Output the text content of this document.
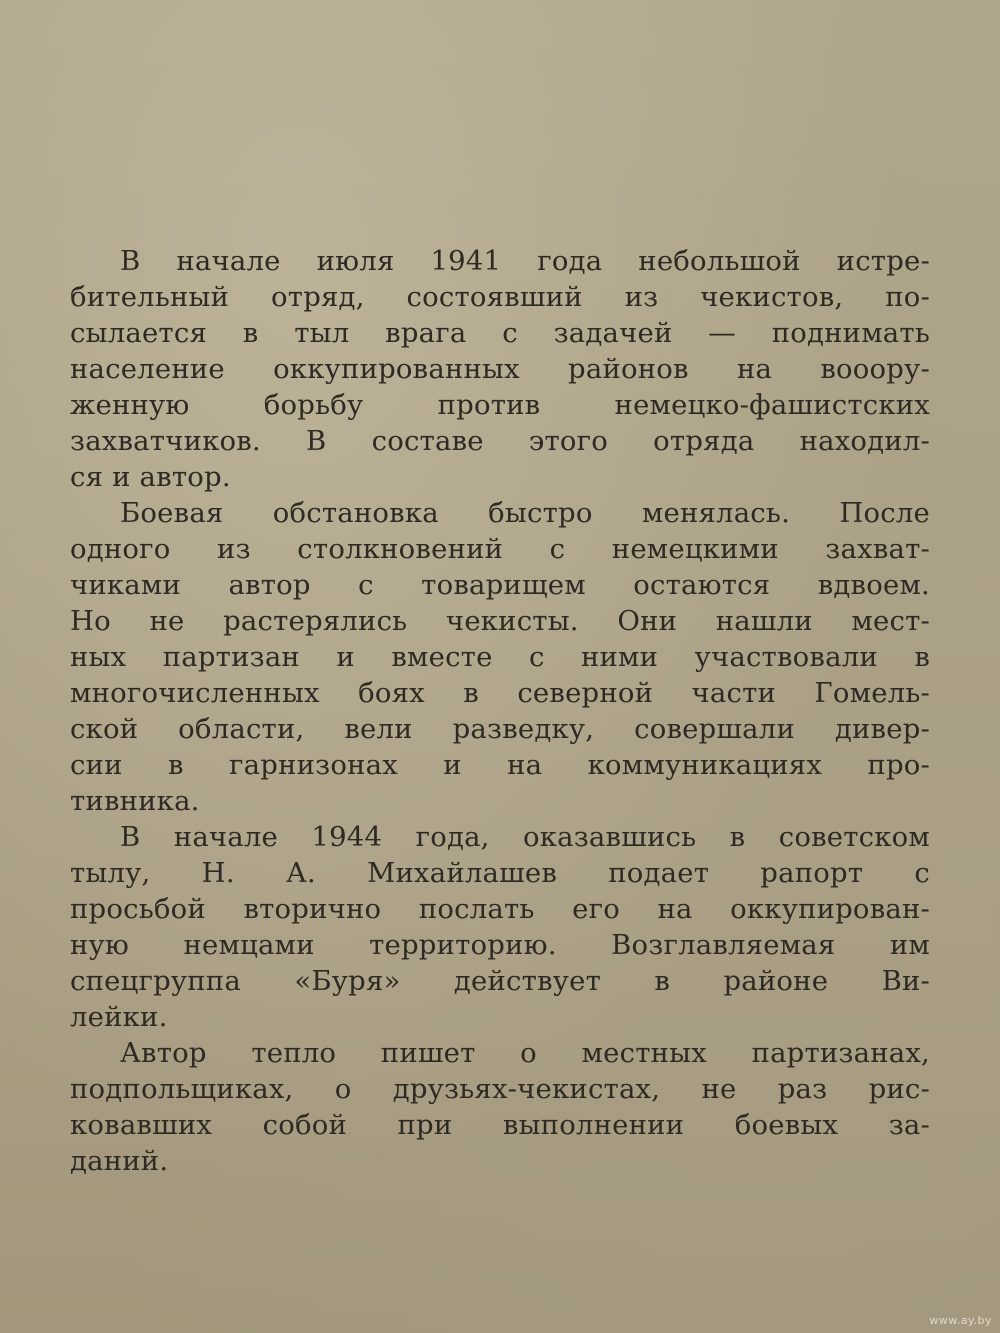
В начале июля 1941 года небольшой истре-
бительный отряд, состоявший из чекистов, по-
сылается в тыл врага с задачей — поднимать
население оккупированных районов на вооору-
женную борьбу против немецко-фашистских
захватчиков. В составе этого отряда находил-
ся и автор.
Боевая обстановка быстро менялась. После
одного из столкновений с немецкими захват-
чиками автор с товарищем остаются вдвоем.
Но не растерялись чекисты. Они нашли мест-
ных партизан и вместе с ними участвовали в
многочисленных боях в северной части Гомель-
ской области, вели разведку, совершали дивер-
сии в гарнизонах и на коммуникациях про-
тивника.
В начале 1944 года, оказавшись в советском
тылу, Н. А. Михайлашев подает рапорт с
просьбой вторично послать его на оккупирован-
ную немцами территорию. Возглавляемая им
спецгруппа «Буря» действует в районе Ви-
лейки.
Автор тепло пишет о местных партизанах,
подпольщиках, о друзьях-чекистах, не раз рис-
ковавших собой при выполнении боевых за-
даний.
www.ay.by
